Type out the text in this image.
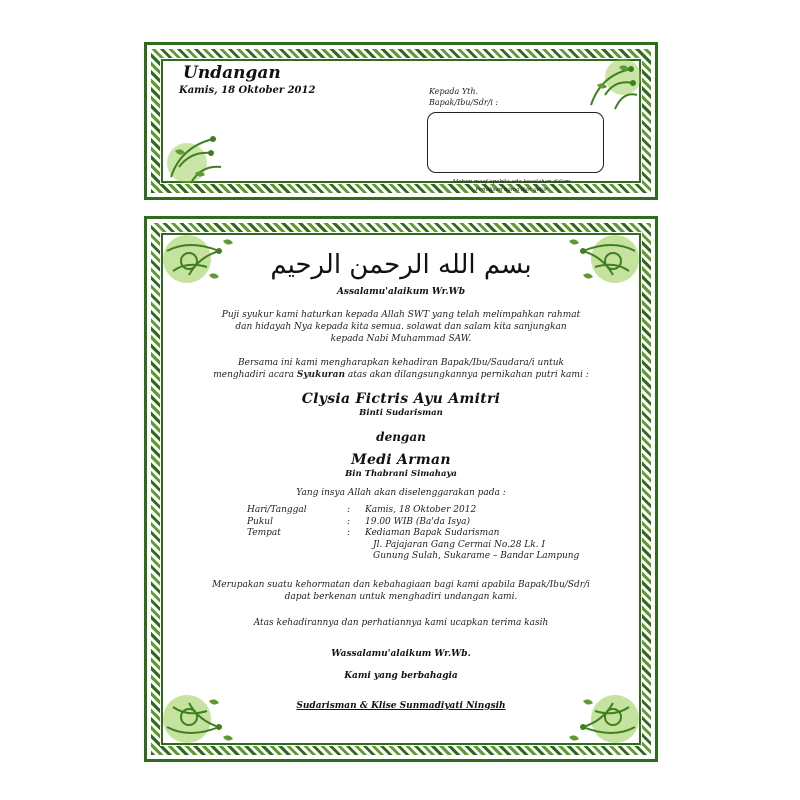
Undangan
Kamis, 18 Oktober 2012	Kepada Yth.
Bapak/Ibu/Sdr/i :
Mohon maaf apabila ada kesalahan dalam
Penulisan nama dan gelar
بسم الله الرحمن الرحيم
Assalamu'alaikum Wr.Wb
Puji syukur kami haturkan kepada Allah SWT yang telah melimpahkan rahmat
dan hidayah Nya kepada kita semua. solawat dan salam kita sanjungkan
kepada Nabi Muhammad SAW.
Bersama ini kami mengharapkan kehadiran Bapak/Ibu/Saudara/i untuk
menghadiri acara Syukuran atas akan dilangsungkannya pernikahan putri kami :
Clysia Fictris Ayu Amitri
Binti Sudarisman
dengan
Medi Arman
Bin Thabrani Simahaya
Yang insya Allah akan diselenggarakan pada :
Hari/Tanggal	:	Kamis, 18 Oktober 2012
Pukul	:	19.00 WIB (Ba'da Isya)
Tempat	:	Kediaman Bapak Sudarisman
Jl. Pajajaran Gang Cermai No.28 Lk. I
Gunung Sulah, Sukarame – Bandar Lampung
Merupakan suatu kehormatan dan kebahagiaan bagi kami apabila Bapak/Ibu/Sdr/i
dapat berkenan untuk menghadiri undangan kami.
Atas kehadirannya dan perhatiannya kami ucapkan terima kasih
Wassalamu'alaikum Wr.Wb.
Kami yang berbahagia
Sudarisman & Klise Sunmadiyati Ningsih
